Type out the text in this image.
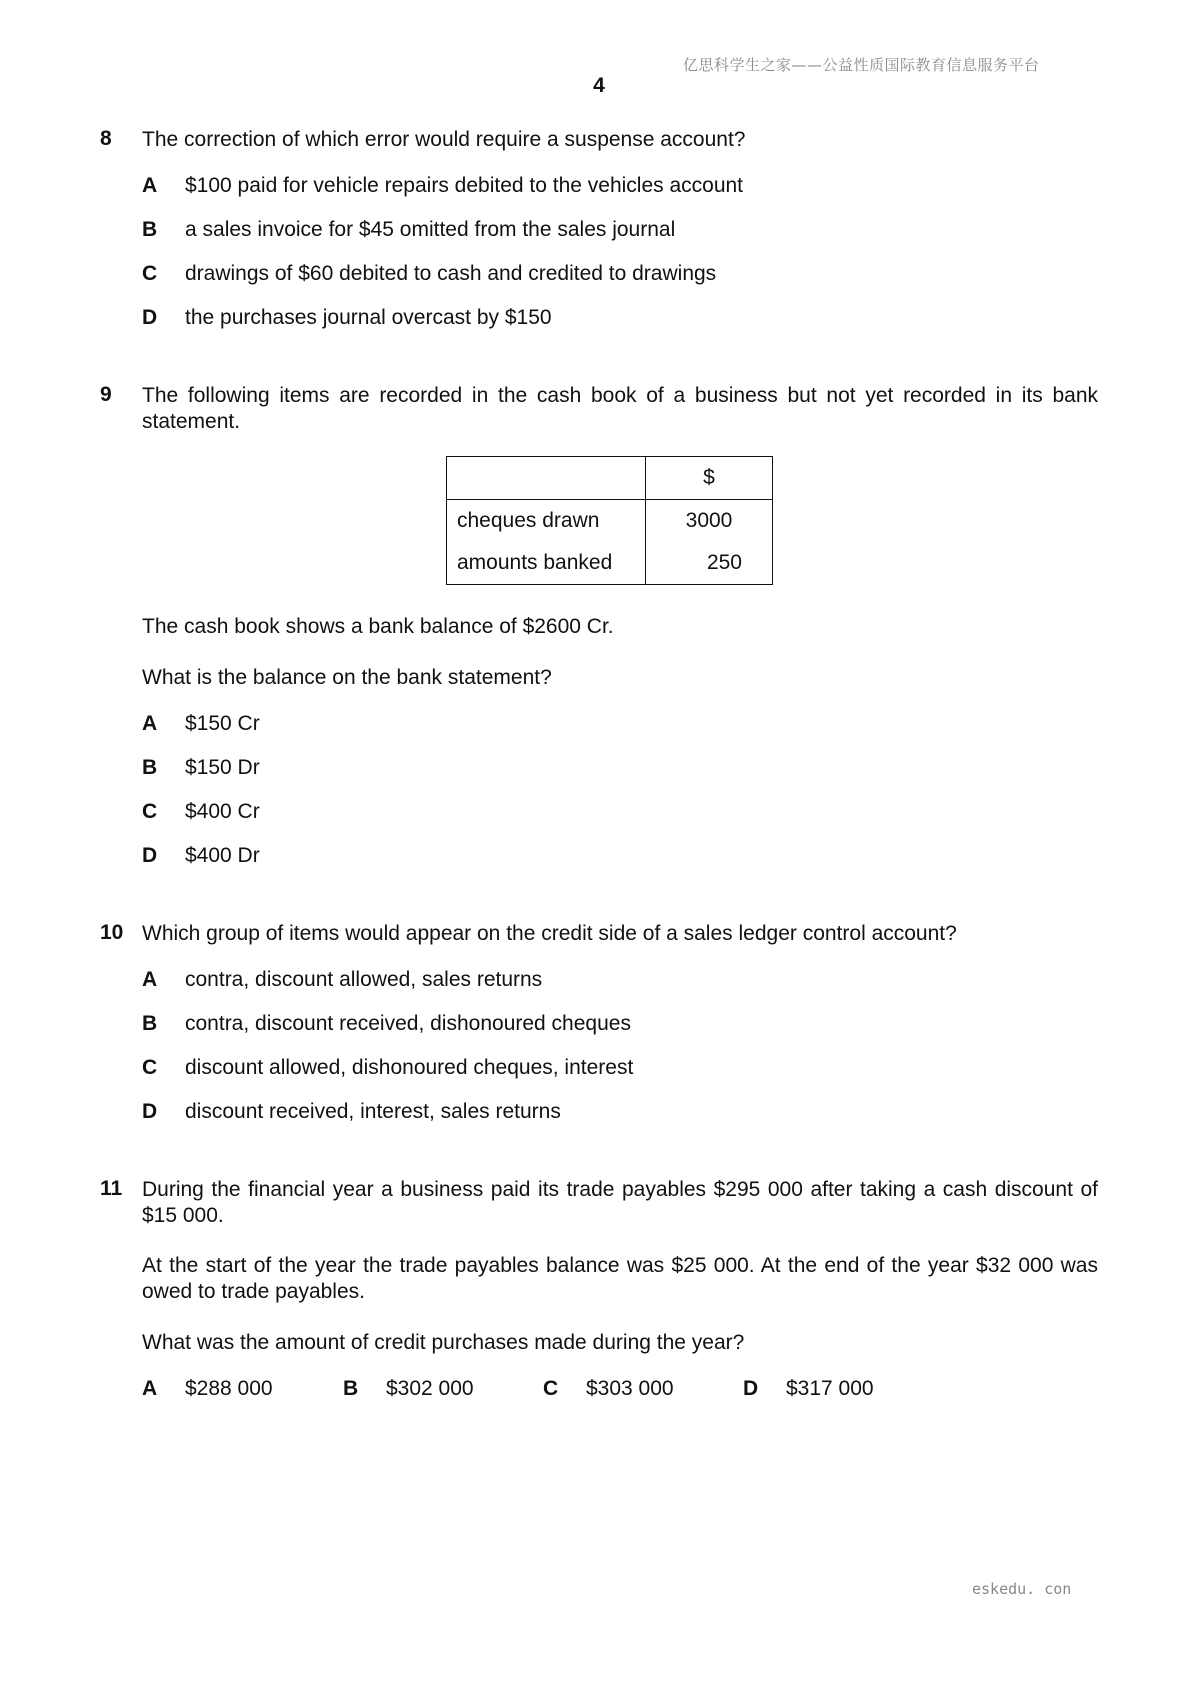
亿思科学生之家——公益性质国际教育信息服务平台
4
8 The correction of which error would require a suspense account?
A $100 paid for vehicle repairs debited to the vehicles account
B a sales invoice for $45 omitted from the sales journal
C drawings of $60 debited to cash and credited to drawings
D the purchases journal overcast by $150
9 The following items are recorded in the cash book of a business but not yet recorded in its bank statement.
	$
cheques drawn	3000
amounts banked	250
The cash book shows a bank balance of $2600 Cr.
What is the balance on the bank statement?
A $150 Cr
B $150 Dr
C $400 Cr
D $400 Dr
10 Which group of items would appear on the credit side of a sales ledger control account?
A contra, discount allowed, sales returns
B contra, discount received, dishonoured cheques
C discount allowed, dishonoured cheques, interest
D discount received, interest, sales returns
11 During the financial year a business paid its trade payables $295 000 after taking a cash discount of $15 000.
At the start of the year the trade payables balance was $25 000. At the end of the year $32 000 was owed to trade payables.
What was the amount of credit purchases made during the year?
A $288 000	B $302 000	C $303 000	D $317 000
eskedu. con
